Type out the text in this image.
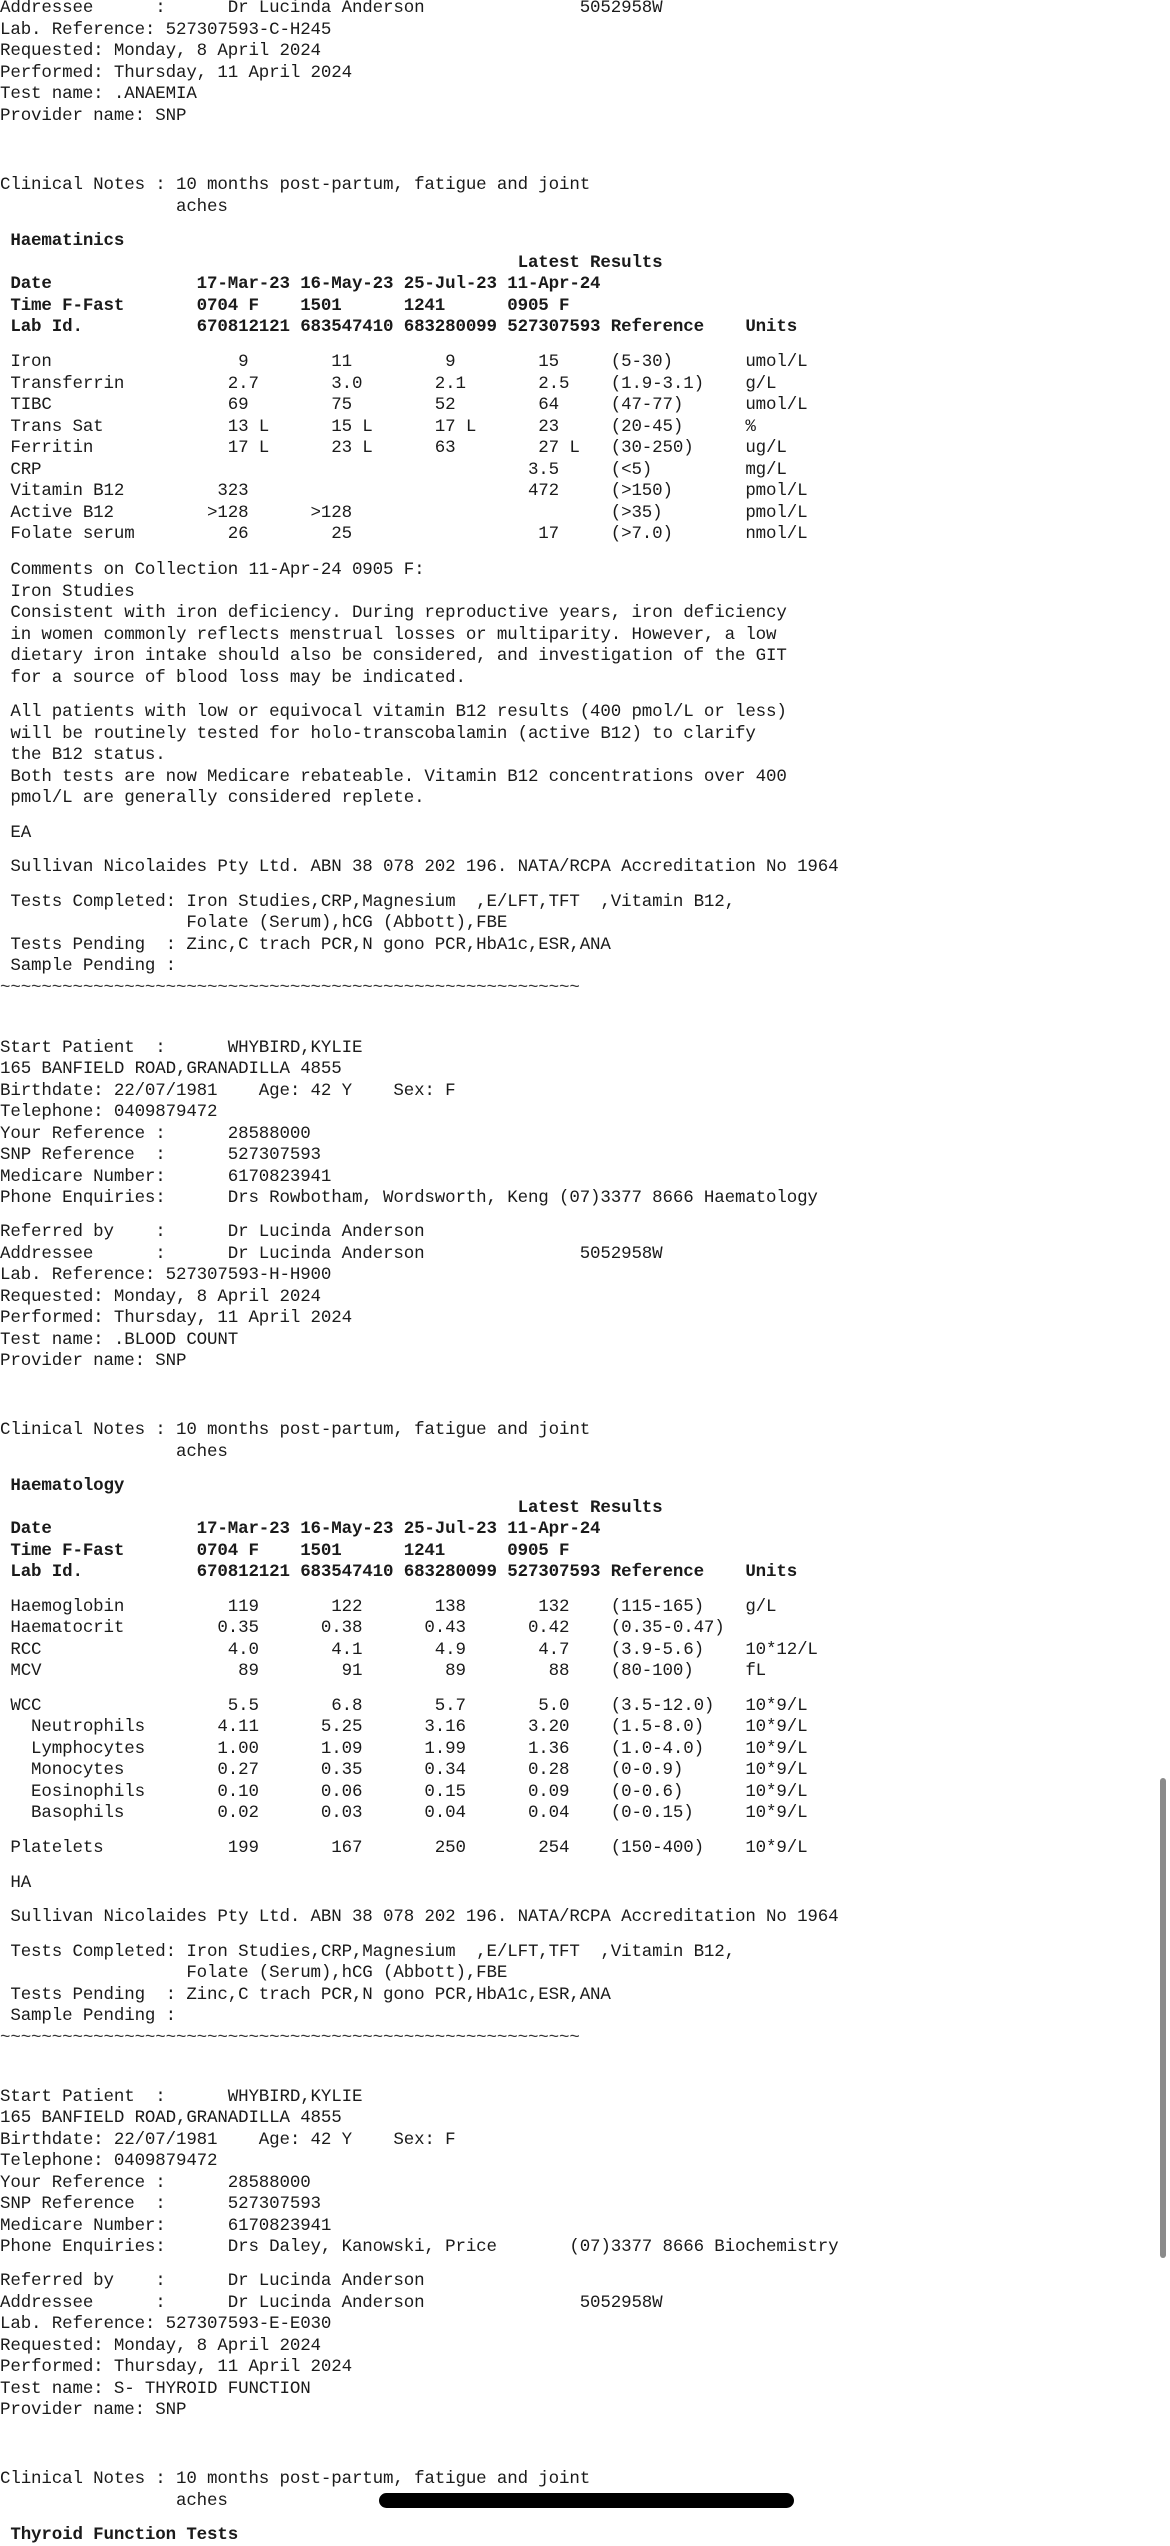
Addressee      :      Dr Lucinda Anderson               5052958W
Lab. Reference: 527307593-C-H245
Requested: Monday, 8 April 2024
Performed: Thursday, 11 April 2024
Test name: .ANAEMIA
Provider name: SNP
Clinical Notes : 10 months post-partum, fatigue and joint
aches
Haematinics
Latest Results
Date              17-Mar-23 16-May-23 25-Jul-23 11-Apr-24
Time F-Fast       0704 F    1501      1241      0905 F
Lab Id.           670812121 683547410 683280099 527307593 Reference    Units
Iron                  9        11         9        15     (5-30)       umol/L
Transferrin          2.7       3.0       2.1       2.5    (1.9-3.1)    g/L
TIBC                 69        75        52        64     (47-77)      umol/L
Trans Sat            13 L      15 L      17 L      23     (20-45)      %
Ferritin             17 L      23 L      63        27 L   (30-250)     ug/L
CRP                                               3.5     (<5)         mg/L
Vitamin B12         323                           472     (>150)       pmol/L
Active B12         >128      >128                         (>35)        pmol/L
Folate serum         26        25                  17     (>7.0)       nmol/L
Comments on Collection 11-Apr-24 0905 F:
Iron Studies
Consistent with iron deficiency. During reproductive years, iron deficiency
in women commonly reflects menstrual losses or multiparity. However, a low
dietary iron intake should also be considered, and investigation of the GIT
for a source of blood loss may be indicated.
All patients with low or equivocal vitamin B12 results (400 pmol/L or less)
will be routinely tested for holo-transcobalamin (active B12) to clarify
the B12 status.
Both tests are now Medicare rebateable. Vitamin B12 concentrations over 400
pmol/L are generally considered replete.
EA
Sullivan Nicolaides Pty Ltd. ABN 38 078 202 196. NATA/RCPA Accreditation No 1964
Tests Completed: Iron Studies,CRP,Magnesium  ,E/LFT,TFT  ,Vitamin B12,
Folate (Serum),hCG (Abbott),FBE
Tests Pending  : Zinc,C trach PCR,N gono PCR,HbA1c,ESR,ANA
Sample Pending :
~~~~~~~~~~~~~~~~~~~~~~~~~~~~~~~~~~~~~~~~~~~~~~~~~~~~~~~~
Start Patient  :      WHYBIRD,KYLIE
165 BANFIELD ROAD,GRANADILLA 4855
Birthdate: 22/07/1981    Age: 42 Y    Sex: F
Telephone: 0409879472
Your Reference :      28588000
SNP Reference  :      527307593
Medicare Number:      6170823941
Phone Enquiries:      Drs Rowbotham, Wordsworth, Keng (07)3377 8666 Haematology
Referred by    :      Dr Lucinda Anderson
Addressee      :      Dr Lucinda Anderson               5052958W
Lab. Reference: 527307593-H-H900
Requested: Monday, 8 April 2024
Performed: Thursday, 11 April 2024
Test name: .BLOOD COUNT
Provider name: SNP
Clinical Notes : 10 months post-partum, fatigue and joint
aches
Haematology
Latest Results
Date              17-Mar-23 16-May-23 25-Jul-23 11-Apr-24
Time F-Fast       0704 F    1501      1241      0905 F
Lab Id.           670812121 683547410 683280099 527307593 Reference    Units
Haemoglobin          119       122       138       132    (115-165)    g/L
Haematocrit         0.35      0.38      0.43      0.42    (0.35-0.47)
RCC                  4.0       4.1       4.9       4.7    (3.9-5.6)    10*12/L
MCV                   89        91        89        88    (80-100)     fL
WCC                  5.5       6.8       5.7       5.0    (3.5-12.0)   10*9/L
Neutrophils       4.11      5.25      3.16      3.20    (1.5-8.0)    10*9/L
Lymphocytes       1.00      1.09      1.99      1.36    (1.0-4.0)    10*9/L
Monocytes         0.27      0.35      0.34      0.28    (0-0.9)      10*9/L
Eosinophils       0.10      0.06      0.15      0.09    (0-0.6)      10*9/L
Basophils         0.02      0.03      0.04      0.04    (0-0.15)     10*9/L
Platelets            199       167       250       254    (150-400)    10*9/L
HA
Sullivan Nicolaides Pty Ltd. ABN 38 078 202 196. NATA/RCPA Accreditation No 1964
Tests Completed: Iron Studies,CRP,Magnesium  ,E/LFT,TFT  ,Vitamin B12,
Folate (Serum),hCG (Abbott),FBE
Tests Pending  : Zinc,C trach PCR,N gono PCR,HbA1c,ESR,ANA
Sample Pending :
~~~~~~~~~~~~~~~~~~~~~~~~~~~~~~~~~~~~~~~~~~~~~~~~~~~~~~~~
Start Patient  :      WHYBIRD,KYLIE
165 BANFIELD ROAD,GRANADILLA 4855
Birthdate: 22/07/1981    Age: 42 Y    Sex: F
Telephone: 0409879472
Your Reference :      28588000
SNP Reference  :      527307593
Medicare Number:      6170823941
Phone Enquiries:      Drs Daley, Kanowski, Price       (07)3377 8666 Biochemistry
Referred by    :      Dr Lucinda Anderson
Addressee      :      Dr Lucinda Anderson               5052958W
Lab. Reference: 527307593-E-E030
Requested: Monday, 8 April 2024
Performed: Thursday, 11 April 2024
Test name: S- THYROID FUNCTION
Provider name: SNP
Clinical Notes : 10 months post-partum, fatigue and joint
aches
Thyroid Function Tests
